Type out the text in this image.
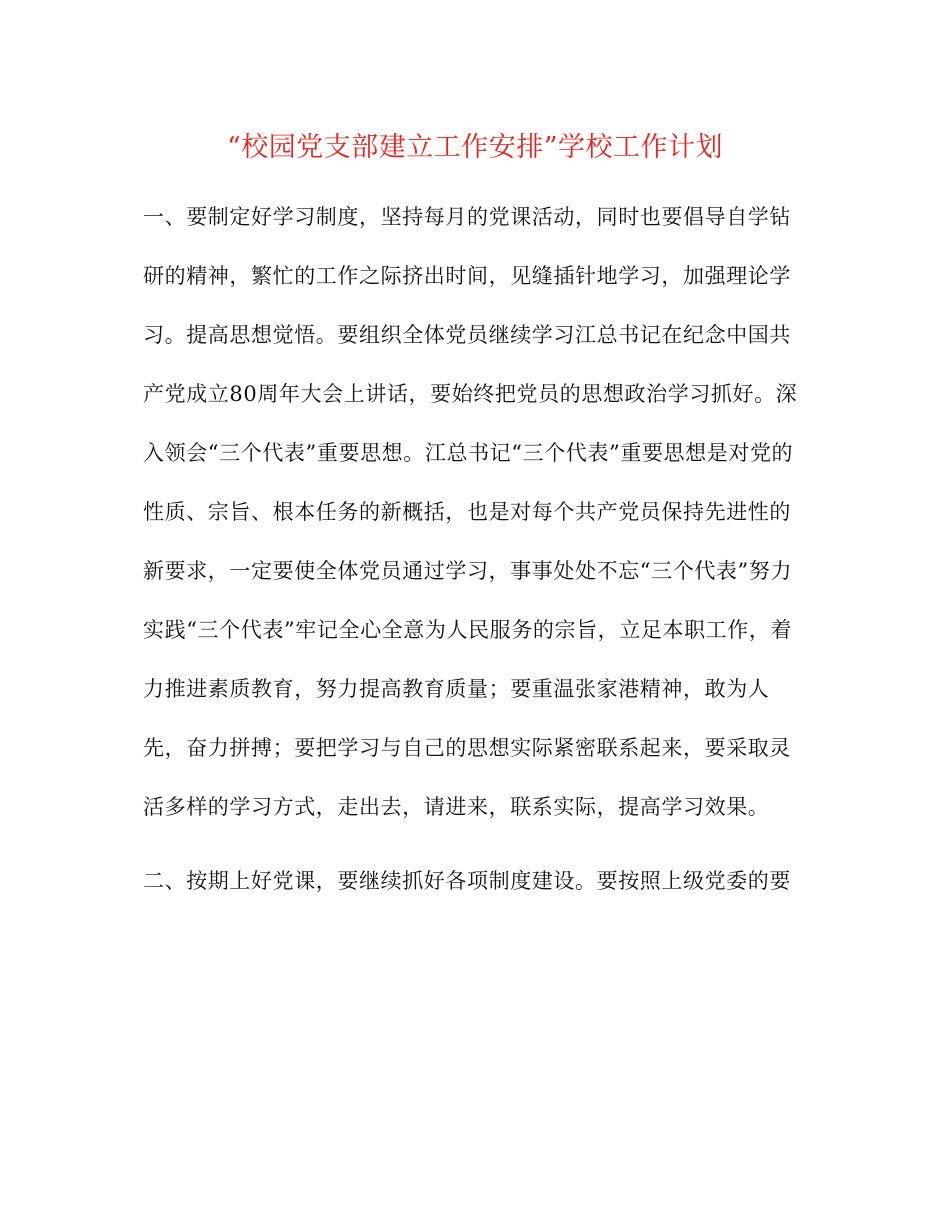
“校园党支部建立工作安排”学校工作计划
一、要制定好学习制度，坚持每月的党课活动，同时也要倡导自学钻
研的精神，繁忙的工作之际挤出时间，见缝插针地学习，加强理论学
习。提高思想觉悟。要组织全体党员继续学习江总书记在纪念中国共
产党成立80周年大会上讲话，要始终把党员的思想政治学习抓好。深
入领会“三个代表”重要思想。江总书记“三个代表”重要思想是对党的
性质、宗旨、根本任务的新概括，也是对每个共产党员保持先进性的
新要求，一定要使全体党员通过学习，事事处处不忘“三个代表”努力
实践“三个代表”牢记全心全意为人民服务的宗旨，立足本职工作，着
力推进素质教育，努力提高教育质量；要重温张家港精神，敢为人
先，奋力拼搏；要把学习与自己的思想实际紧密联系起来，要采取灵
活多样的学习方式，走出去，请进来，联系实际，提高学习效果。
二、按期上好党课，要继续抓好各项制度建设。要按照上级党委的要
